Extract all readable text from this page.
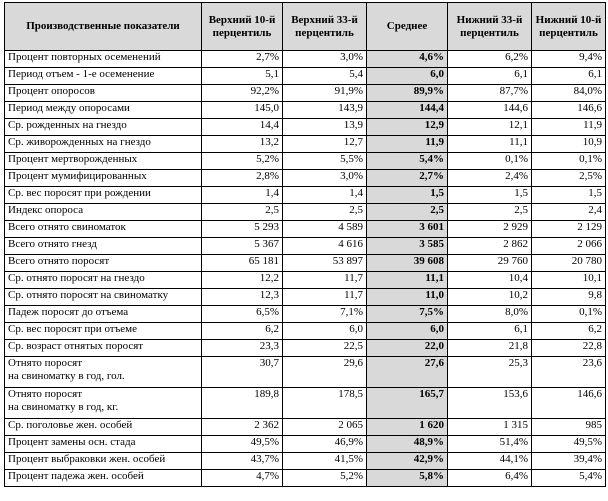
Производственные показатели	Верхний 10-й перцентиль	Верхний 33-й перцентиль	Среднее	Нижний 33-й перцентиль	Нижний 10-й перцентиль
Процент повторных осеменений	2,7%	3,0%	4,6%	6,2%	9,4%
Период отъем - 1-е осеменение	5,1	5,4	6,0	6,1	6,1
Процент опоросов	92,2%	91,9%	89,9%	87,7%	84,0%
Период между опоросами	145,0	143,9	144,4	144,6	146,6
Ср. рожденных на гнездо	14,4	13,9	12,9	12,1	11,9
Ср. живорожденных на гнездо	13,2	12,7	11,9	11,1	10,9
Процент мертворожденных	5,2%	5,5%	5,4%	0,1%	0,1%
Процент мумифицированных	2,8%	3,0%	2,7%	2,4%	2,5%
Ср. вес поросят при рождении	1,4	1,4	1,5	1,5	1,5
Индекс опороса	2,5	2,5	2,5	2,5	2,4
Всего отнято свиноматок	5 293	4 589	3 601	2 929	2 129
Всего отнято гнезд	5 367	4 616	3 585	2 862	2 066
Всего отнято поросят	65 181	53 897	39 608	29 760	20 780
Ср. отнято поросят на гнездо	12,2	11,7	11,1	10,4	10,1
Ср. отнято поросят на свиноматку	12,3	11,7	11,0	10,2	9,8
Падеж поросят до отъема	6,5%	7,1%	7,5%	8,0%	0,1%
Ср. вес поросят при отъеме	6,2	6,0	6,0	6,1	6,2
Ср. возраст отнятых поросят	23,3	22,5	22,0	21,8	22,8
Отнято поросят
на свиноматку в год, гол.	30,7	29,6	27,6	25,3	23,6
Отнято поросят
на свиноматку в год, кг.	189,8	178,5	165,7	153,6	146,6
Ср. поголовье жен. особей	2 362	2 065	1 620	1 315	985
Процент замены осн. стада	49,5%	46,9%	48,9%	51,4%	49,5%
Процент выбраковки жен. особей	43,7%	41,5%	42,9%	44,1%	39,4%
Процент падежа жен. особей	4,7%	5,2%	5,8%	6,4%	5,4%
